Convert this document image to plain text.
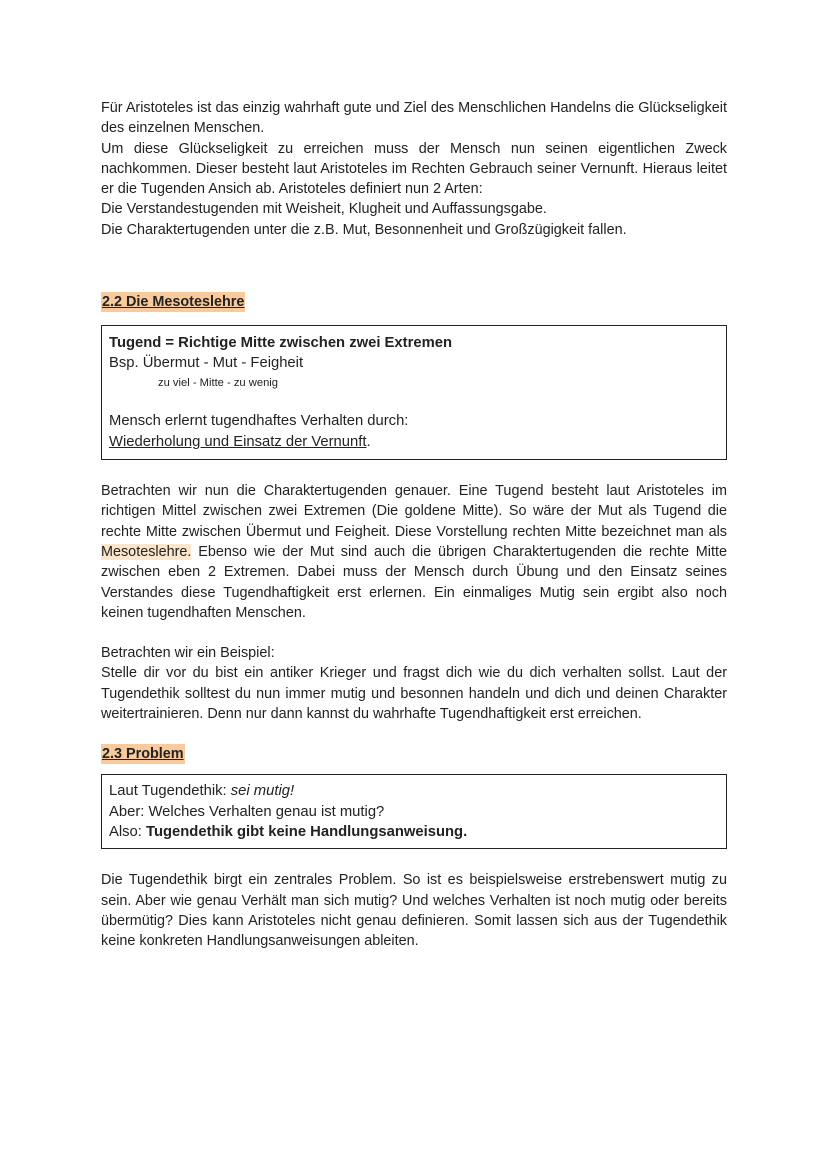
Für Aristoteles ist das einzig wahrhaft gute und Ziel des Menschlichen Handelns die Glückseligkeit des einzelnen Menschen.

Um diese Glückseligkeit zu erreichen muss der Mensch nun seinen eigentlichen Zweck nachkommen. Dieser besteht laut Aristoteles im Rechten Gebrauch seiner Vernunft. Hieraus leitet er die Tugenden Ansich ab. Aristoteles definiert nun 2 Arten:

Die Verstandestugenden mit Weisheit, Klugheit und Auffassungsgabe.

Die Charaktertugenden unter die z.B. Mut, Besonnenheit und Großzügigkeit fallen.

2.2 Die Mesoteslehre

Tugend = Richtige Mitte zwischen zwei Extremen

Bsp. Übermut - Mut - Feigheit

zu viel - Mitte - zu wenig

Mensch erlernt tugendhaftes Verhalten durch:

Wiederholung und Einsatz der Vernunft.

Betrachten wir nun die Charaktertugenden genauer. Eine Tugend besteht laut Aristoteles im richtigen Mittel zwischen zwei Extremen (Die goldene Mitte). So wäre der Mut als Tugend die rechte Mitte zwischen Übermut und Feigheit. Diese Vorstellung rechten Mitte bezeichnet man als Mesoteslehre. Ebenso wie der Mut sind auch die übrigen Charaktertugenden die rechte Mitte zwischen eben 2 Extremen. Dabei muss der Mensch durch Übung und den Einsatz seines Verstandes diese Tugendhaftigkeit erst erlernen. Ein einmaliges Mutig sein ergibt also noch keinen tugendhaften Menschen.

Betrachten wir ein Beispiel:

Stelle dir vor du bist ein antiker Krieger und fragst dich wie du dich verhalten sollst. Laut der Tugendethik solltest du nun immer mutig und besonnen handeln und dich und deinen Charakter weitertrainieren. Denn nur dann kannst du wahrhafte Tugendhaftigkeit erst erreichen.

2.3 Problem

Laut Tugendethik: sei mutig!

Aber: Welches Verhalten genau ist mutig?

Also: Tugendethik gibt keine Handlungsanweisung.

Die Tugendethik birgt ein zentrales Problem. So ist es beispielsweise erstrebenswert mutig zu sein. Aber wie genau Verhält man sich mutig? Und welches Verhalten ist noch mutig oder bereits übermütig? Dies kann Aristoteles nicht genau definieren. Somit lassen sich aus der Tugendethik keine konkreten Handlungsanweisungen ableiten.
